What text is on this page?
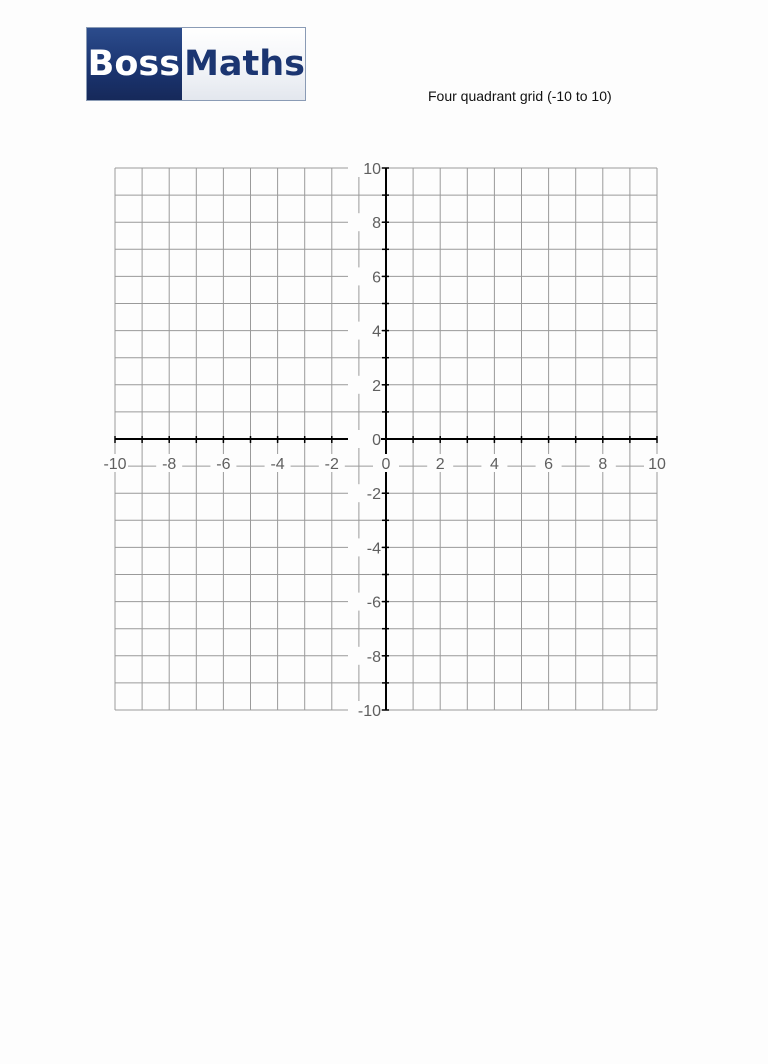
Boss Maths
Four quadrant grid (-10 to 10)
-10 -8 -6 -4 -2	0	2	4	6	8	10
10
8
6
4
2
0
-2
-4
-6
-8
-10
